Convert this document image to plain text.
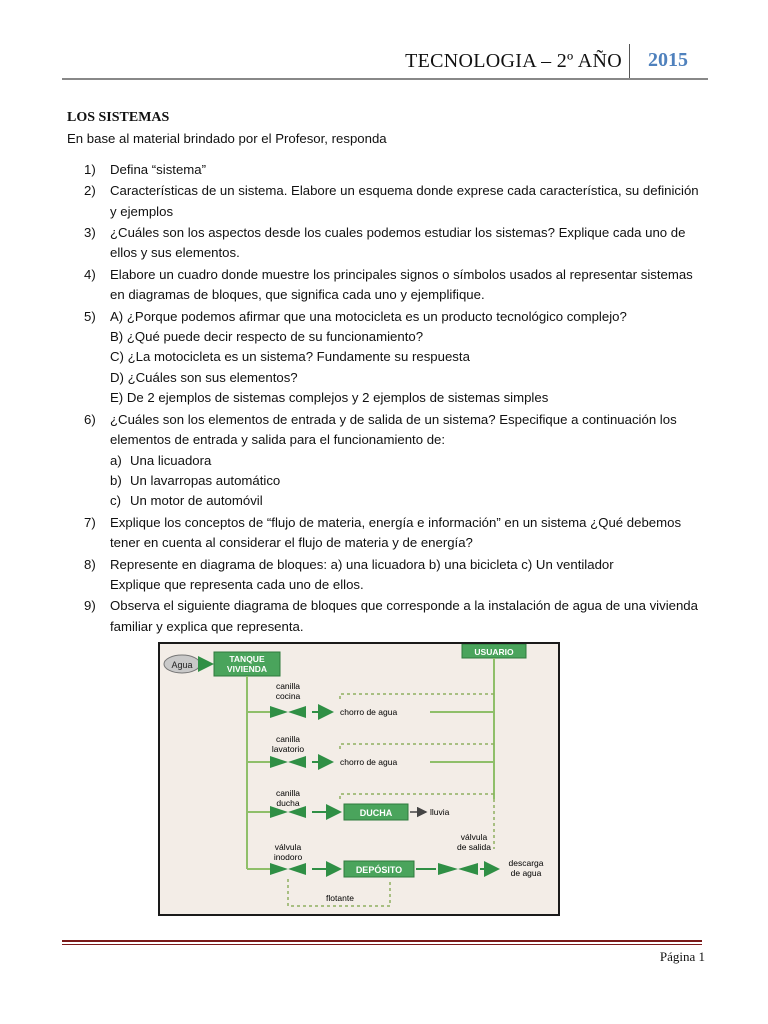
TECNOLOGIA – 2º AÑO 2015
LOS SISTEMAS
En base al material brindado por el Profesor, responda
1) Defina “sistema”
2) Características de un sistema. Elabore un esquema donde exprese cada característica, su definición y ejemplos
3) ¿Cuáles son los aspectos desde los cuales podemos estudiar los sistemas? Explique cada uno de ellos y sus elementos.
4) Elabore un cuadro donde muestre los principales signos o símbolos usados al representar sistemas en diagramas de bloques, que significa cada uno y ejemplifique.
5) A) ¿Porque podemos afirmar que una motocicleta es un producto tecnológico complejo?
B) ¿Qué puede decir respecto de su funcionamiento?
C) ¿La motocicleta es un sistema? Fundamente su respuesta
D) ¿Cuáles son sus elementos?
E) De 2 ejemplos de sistemas complejos y 2 ejemplos de sistemas simples
6) ¿Cuáles son los elementos de entrada y de salida de un sistema? Especifique a continuación los elementos de entrada y salida para el funcionamiento de:
a) Una licuadora
b) Un lavarropas automático
c) Un motor de automóvil
7) Explique los conceptos de “flujo de materia, energía e información” en un sistema ¿Qué debemos tener en cuenta al considerar el flujo de materia y de energía?
8) Represente en diagrama de bloques: a) una licuadora b) una bicicleta c) Un ventilador
Explique que representa cada uno de ellos.
9) Observa el siguiente diagrama de bloques que corresponde a la instalación de agua de una vivienda familiar y explica que representa.
Agua
TANQUE
VIVIENDA
USUARIO
canilla
cocina
chorro de agua
canilla
lavatorio
chorro de agua
canilla
ducha
DUCHA	lluvia
válvula
inodoro
DEPÓSITO
válvula
de salida
descarga
de agua
flotante
Página 1
